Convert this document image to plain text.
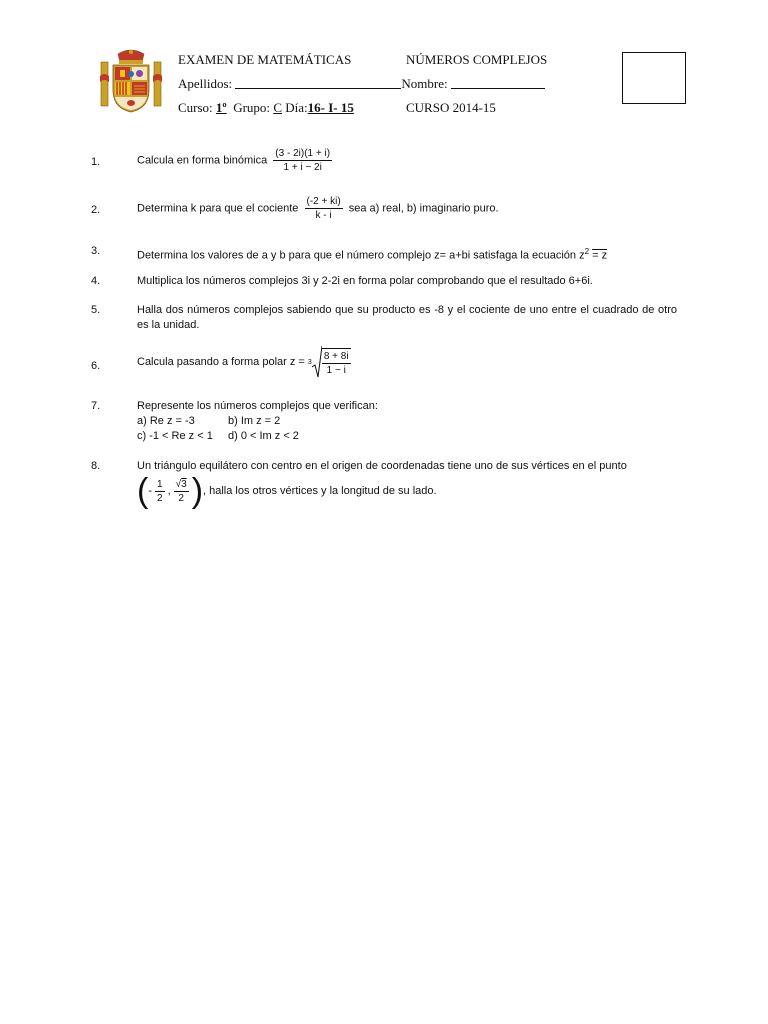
EXAMEN DE MATEMÁTICAS	NÚMEROS COMPLEJOS
Apellidos:	Nombre:
Curso: 1º Grupo: C Día:16- I- 15	CURSO 2014-15
1.	Calcula en forma binómica $\frac{(3 - 2i)(1 + i)}{1 + i - 2i}$
2.	Determina k para que el cociente $\frac{(-2 + ki)}{k - i}$ sea a) real, b) imaginario puro.
3.	Determina los valores de a y b para que el número complejo z= a+bi satisfaga la ecuación $z^2 = z$
4.	Multiplica los números complejos 3i y 2-2i en forma polar comprobando que el resultado 6+6i.
5.	Halla dos números complejos sabiendo que su producto es -8 y el cociente de uno entre el cuadrado de otro es la unidad.
6.	Calcula pasando a forma polar $z = 3 \frac{8 + 8i}{1 - i}$
7.	Represente los números complejos que verifican:
a) Re z = -3	b) Im z = 2
c) -1 < Re z < 1 d) 0 < Im z < 2
8.	Un triángulo equilátero con centro en el origen de coordenadas tiene uno de sus vértices en el punto
( - $\frac{1}{2}$ , $\frac{√3}{2}$ ) , halla los otros vértices y la longitud de su lado.
